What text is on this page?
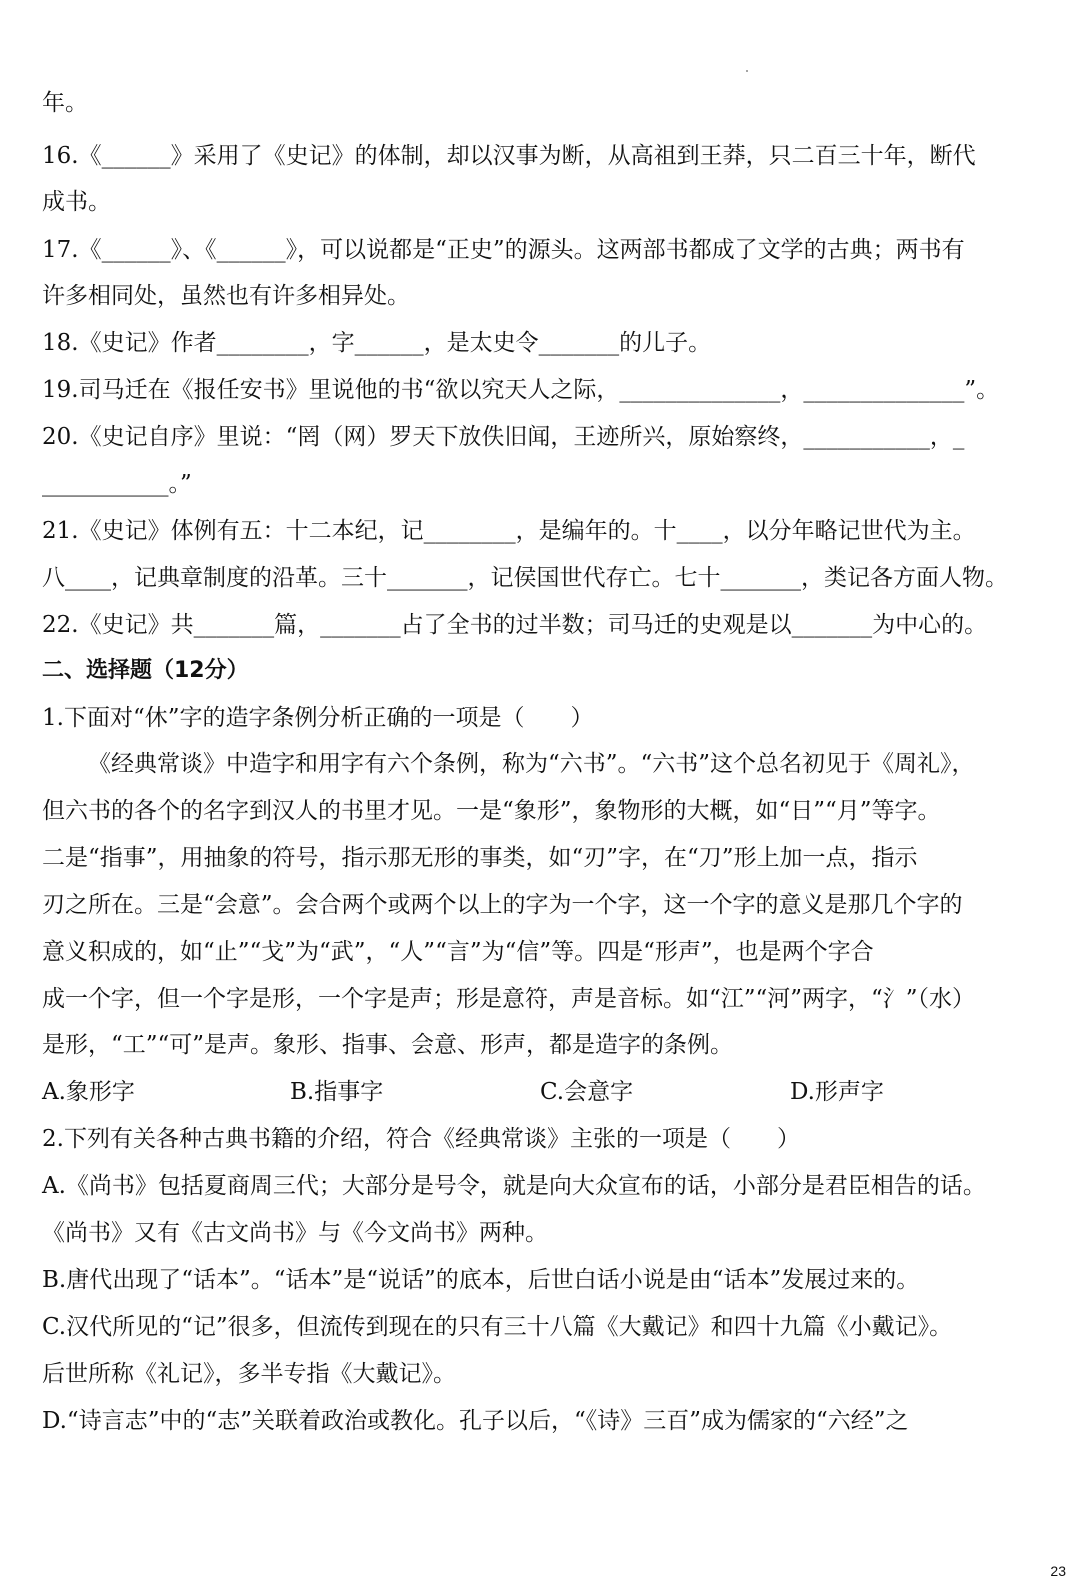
年。
16.《______》采用了《史记》的体制，却以汉事为断，从高祖到王莽，只二百三十年，断代
成书。
17.《______》、《______》，可以说都是“正史”的源头。这两部书都成了文学的古典；两书有
许多相同处，虽然也有许多相异处。
18.《史记》作者________，字______，是太史令_______的儿子。
19.司马迁在《报任安书》里说他的书“欲以究天人之际，______________，______________”。
20.《史记自序》里说：“罔（网）罗天下放佚旧闻，王迹所兴，原始察终，___________，_
___________。”
21.《史记》体例有五：十二本纪，记________，是编年的。十____，以分年略记世代为主。
八____，记典章制度的沿革。三十_______，记侯国世代存亡。七十_______，类记各方面人物。
22.《史记》共_______篇，_______占了全书的过半数；司马迁的史观是以_______为中心的。
二、选择题（12分）
1.下面对“休”字的造字条例分析正确的一项是（　　）
《经典常谈》中造字和用字有六个条例，称为“六书”。“六书”这个总名初见于《周礼》，
但六书的各个的名字到汉人的书里才见。一是“象形”，象物形的大概，如“日”“月”等字。
二是“指事”，用抽象的符号，指示那无形的事类，如“刃”字，在“刀”形上加一点，指示
刃之所在。三是“会意”。会合两个或两个以上的字为一个字，这一个字的意义是那几个字的
意义积成的，如“止”“戈”为“武”，“人”“言”为“信”等。四是“形声”，也是两个字合
成一个字，但一个字是形，一个字是声；形是意符，声是音标。如“江”“河”两字，“氵”（水）
是形，“工”“可”是声。象形、指事、会意、形声，都是造字的条例。
A.象形字	B.指事字	C.会意字	D.形声字
2.下列有关各种古典书籍的介绍，符合《经典常谈》主张的一项是（　　）
A.《尚书》包括夏商周三代；大部分是号令，就是向大众宣布的话，小部分是君臣相告的话。
《尚书》又有《古文尚书》与《今文尚书》两种。
B.唐代出现了“话本”。“话本”是“说话”的底本，后世白话小说是由“话本”发展过来的。
C.汉代所见的“记”很多，但流传到现在的只有三十八篇《大戴记》和四十九篇《小戴记》。
后世所称《礼记》，多半专指《大戴记》。
D.“诗言志”中的“志”关联着政治或教化。孔子以后，“《诗》三百”成为儒家的“六经”之
23
